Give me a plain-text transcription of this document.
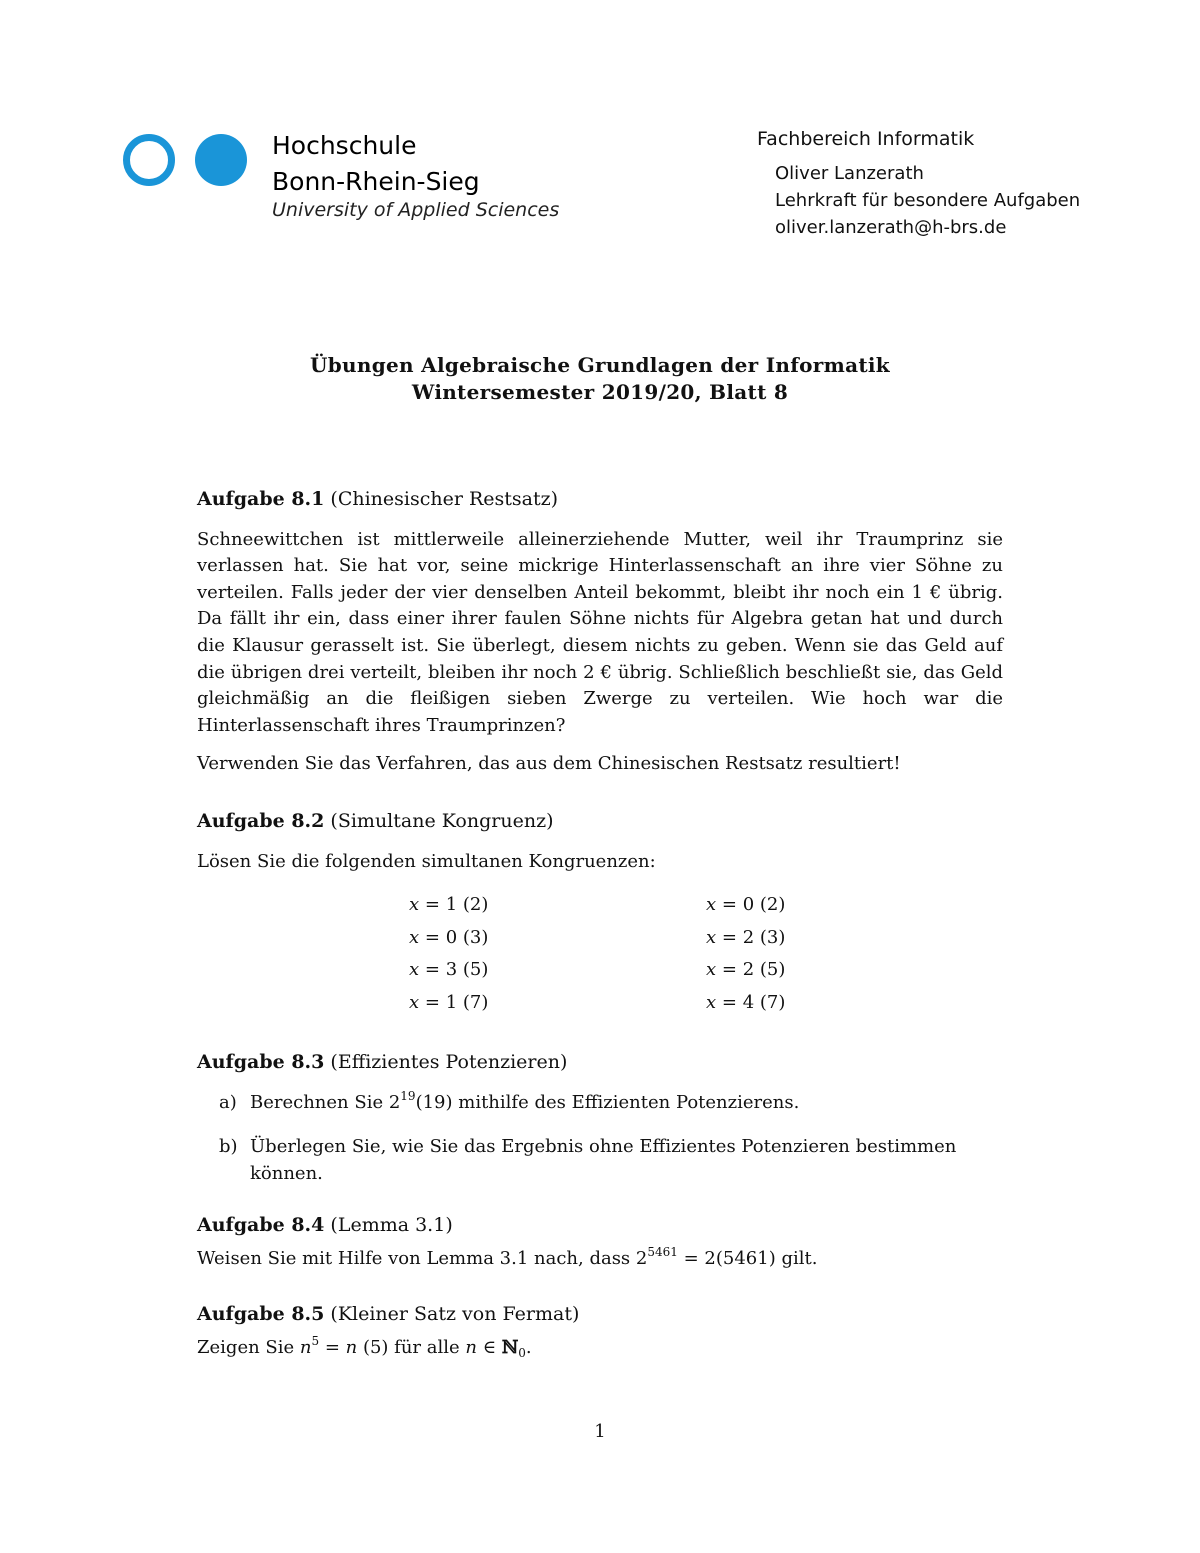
Hochschule
Bonn-Rhein-Sieg
University of Applied Sciences
Fachbereich Informatik
Oliver Lanzerath
Lehrkraft für besondere Aufgaben
oliver.lanzerath@h-brs.de
Übungen Algebraische Grundlagen der Informatik
Wintersemester 2019/20, Blatt 8
Aufgabe 8.1 (Chinesischer Restsatz)

Schneewittchen ist mittlerweile alleinerziehende Mutter, weil ihr Traumprinz sie verlassen hat. Sie hat vor, seine mickrige Hinterlassenschaft an ihre vier Söhne zu verteilen. Falls jeder der vier denselben Anteil bekommt, bleibt ihr noch ein 1 € übrig. Da fällt ihr ein, dass einer ihrer faulen Söhne nichts für Algebra getan hat und durch die Klausur gerasselt ist. Sie überlegt, diesem nichts zu geben. Wenn sie das Geld auf die übrigen drei verteilt, bleiben ihr noch 2 € übrig. Schließlich beschließt sie, das Geld gleichmäßig an die fleißigen sieben Zwerge zu verteilen. Wie hoch war die Hinterlassenschaft ihres Traumprinzen?

Verwenden Sie das Verfahren, das aus dem Chinesischen Restsatz resultiert!

Aufgabe 8.2 (Simultane Kongruenz)

Lösen Sie die folgenden simultanen Kongruenzen:

x = 1 (2)
x = 0 (3)
x = 3 (5)
x = 1 (7)
x = 0 (2)
x = 2 (3)
x = 2 (5)
x = 4 (7)
Aufgabe 8.3 (Effizientes Potenzieren)
a) Berechnen Sie $2^{19}(19)$ mithilfe des Effizienten Potenzierens.
b) Überlegen Sie, wie Sie das Ergebnis ohne Effizientes Potenzieren bestimmen können.
Aufgabe 8.4 (Lemma 3.1)

Weisen Sie mit Hilfe von Lemma 3.1 nach, dass $2^{5461} = 2(5461)$ gilt.

Aufgabe 8.5 (Kleiner Satz von Fermat)

Zeigen Sie $n^5 = n$ (5) für alle n ∈ ℕ$_0$.

1
